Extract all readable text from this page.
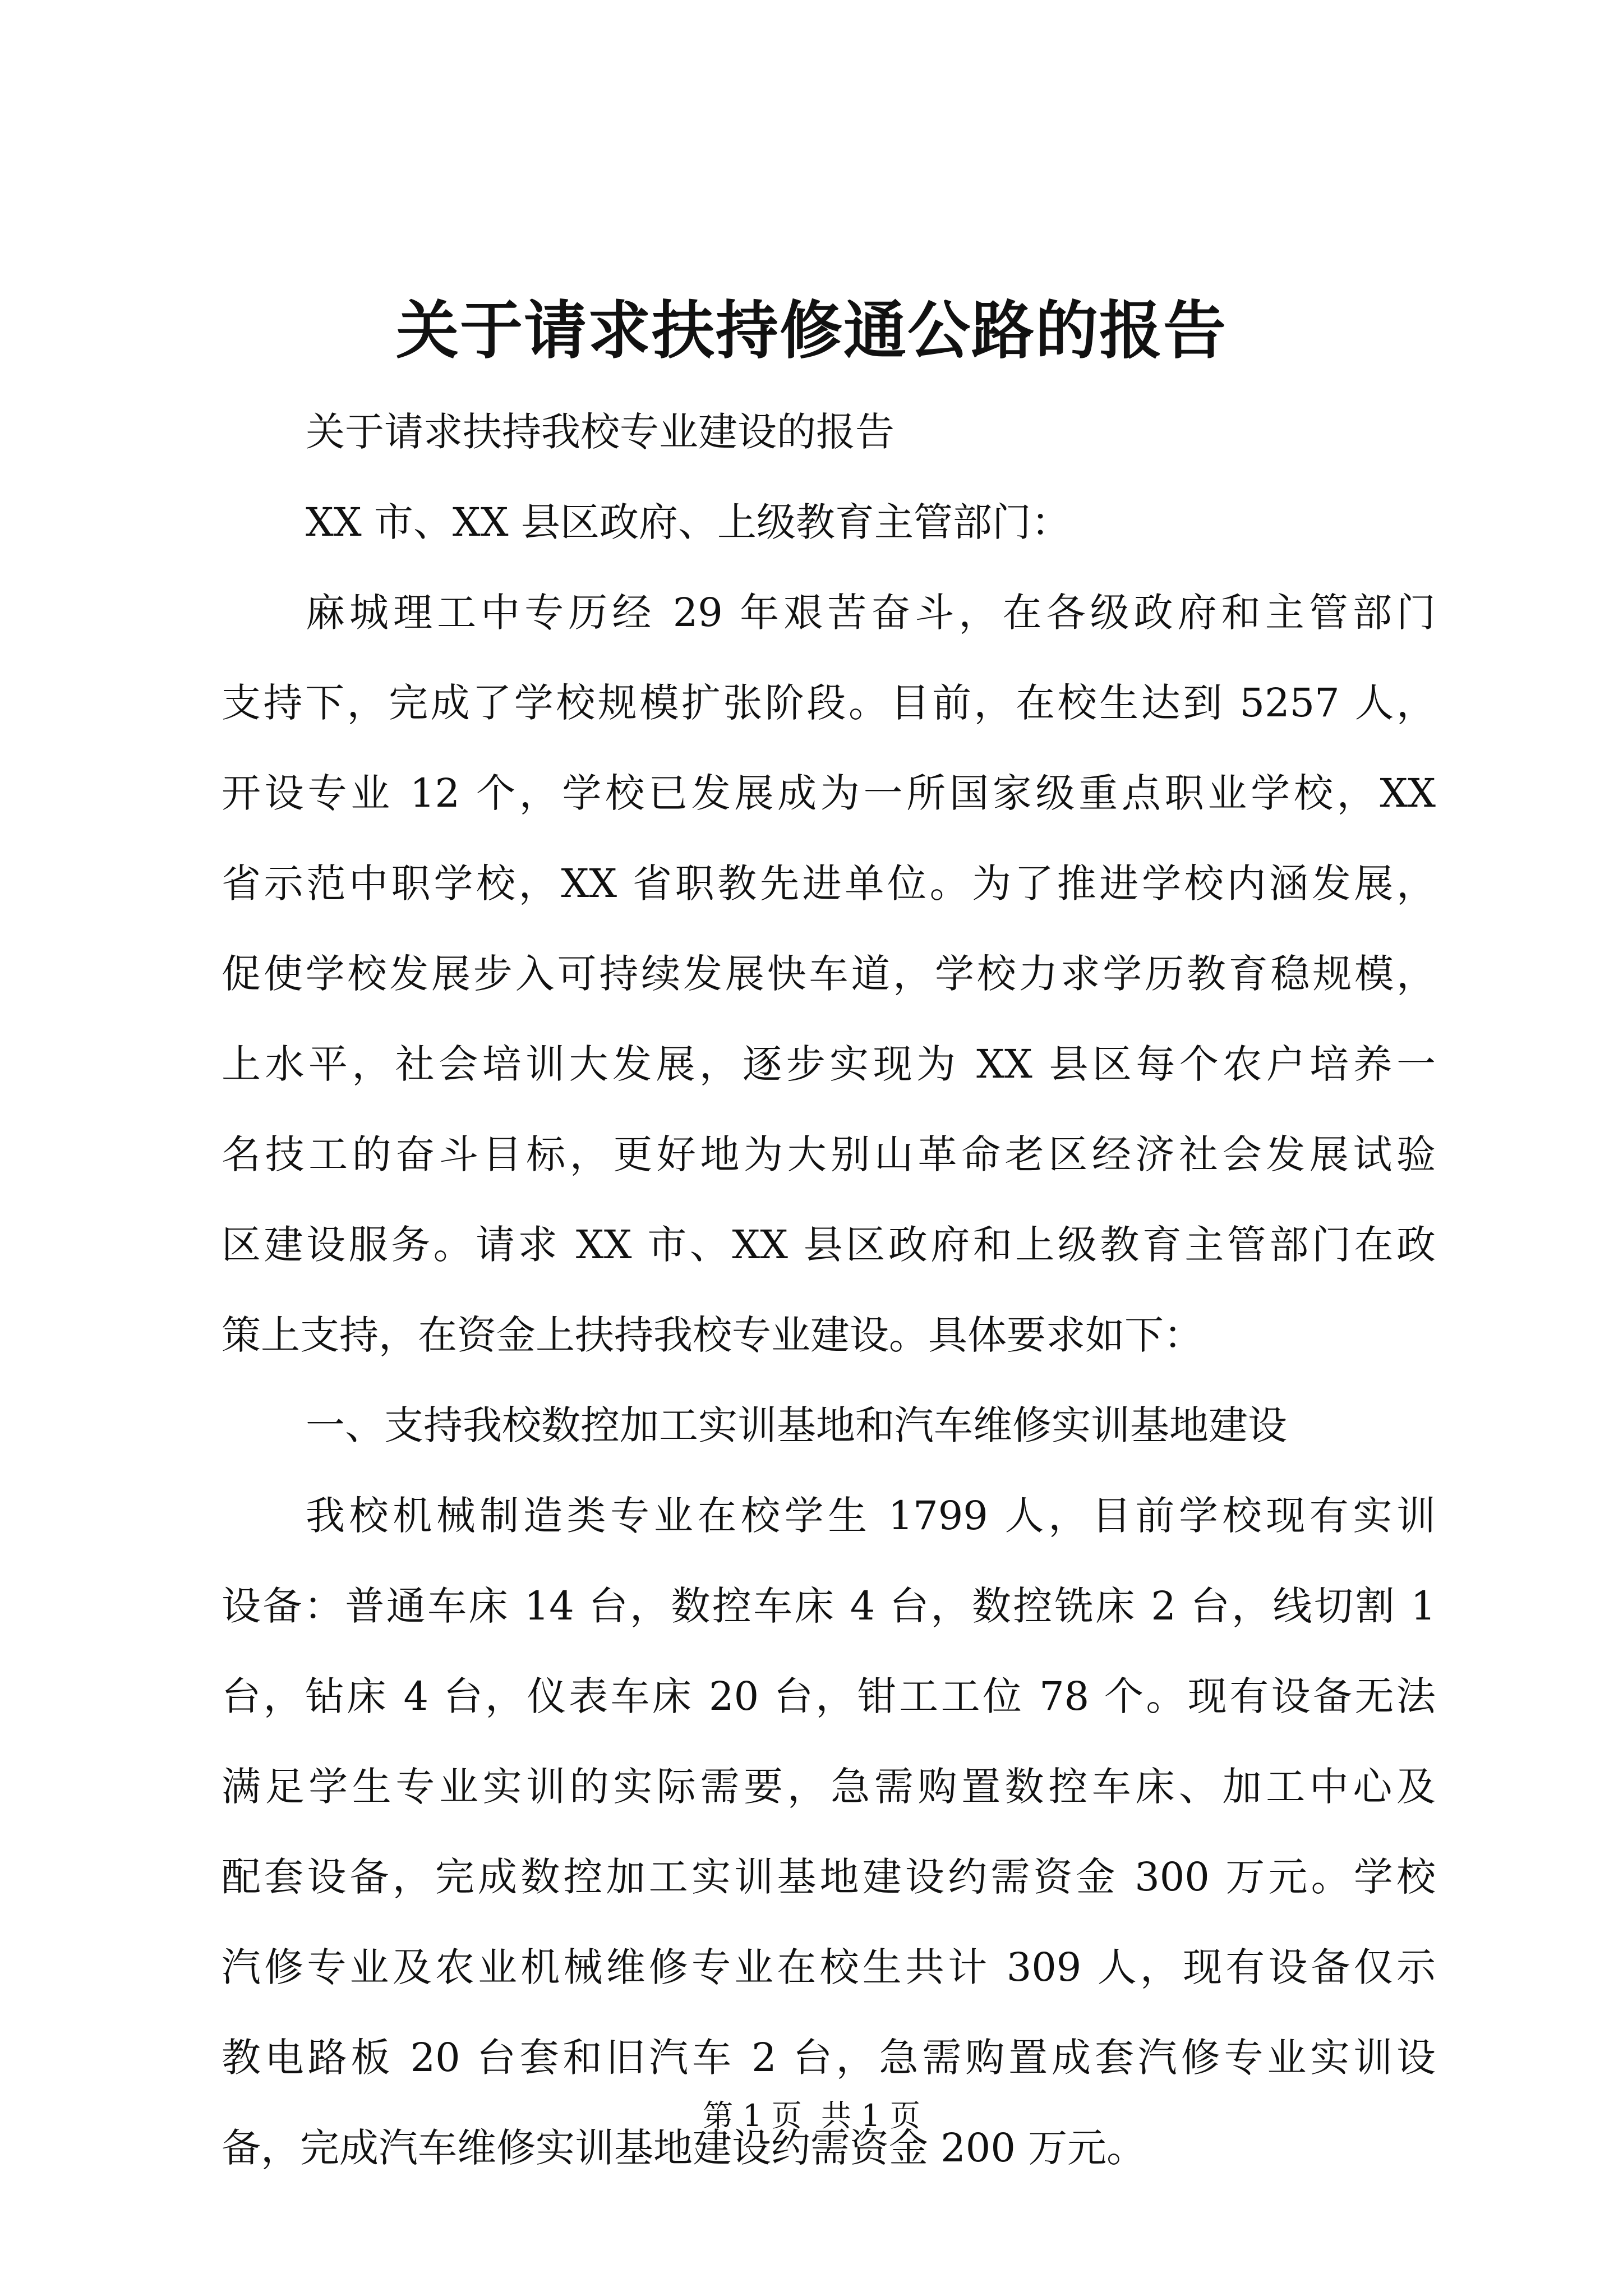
关于请求扶持修通公路的报告
关于请求扶持我校专业建设的报告
XX 市、XX 县区政府、上级教育主管部门：
麻城理工中专历经 29 年艰苦奋斗，在各级政府和主管部门
支持下，完成了学校规模扩张阶段。目前，在校生达到 5257 人，
开设专业 12 个，学校已发展成为一所国家级重点职业学校，XX
省示范中职学校，XX 省职教先进单位。为了推进学校内涵发展，
促使学校发展步入可持续发展快车道，学校力求学历教育稳规模，
上水平，社会培训大发展，逐步实现为 XX 县区每个农户培养一
名技工的奋斗目标，更好地为大别山革命老区经济社会发展试验
区建设服务。请求 XX 市、XX 县区政府和上级教育主管部门在政
策上支持，在资金上扶持我校专业建设。具体要求如下：
一、支持我校数控加工实训基地和汽车维修实训基地建设
我校机械制造类专业在校学生 1799 人，目前学校现有实训
设备：普通车床 14 台，数控车床 4 台，数控铣床 2 台，线切割 1
台，钻床 4 台，仪表车床 20 台，钳工工位 78 个。现有设备无法
满足学生专业实训的实际需要，急需购置数控车床、加工中心及
配套设备，完成数控加工实训基地建设约需资金 300 万元。学校
汽修专业及农业机械维修专业在校生共计 309 人，现有设备仅示
教电路板 20 台套和旧汽车 2 台，急需购置成套汽修专业实训设
备，完成汽车维修实训基地建设约需资金 200 万元。
第 1 页  共 1 页
